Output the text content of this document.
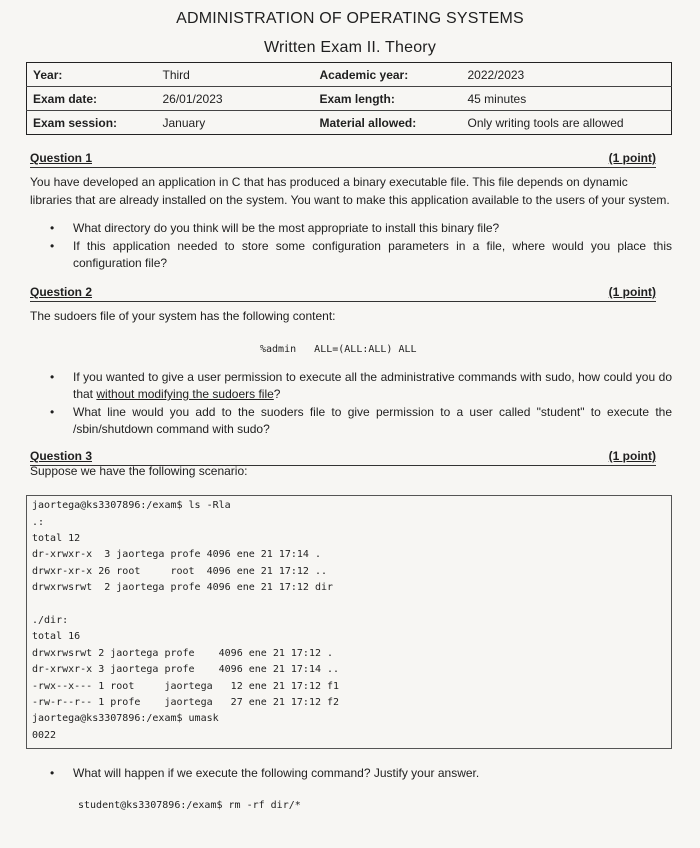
ADMINISTRATION OF OPERATING SYSTEMS
Written Exam II. Theory
Year:	Third	Academic year:	2022/2023
Exam date:	26/01/2023	Exam length:	45 minutes
Exam session:	January	Material allowed:	Only writing tools are allowed
Question 1	(1 point)
You have developed an application in C that has produced a binary executable file. This file depends on dynamic libraries that are already installed on the system. You want to make this application available to the users of your system.
• What directory do you think will be the most appropriate to install this binary file?
• If this application needed to store some configuration parameters in a file, where would you place this configuration file?
Question 2	(1 point)
The sudoers file of your system has the following content:
%admin   ALL=(ALL:ALL) ALL
• If you wanted to give a user permission to execute all the administrative commands with sudo, how could you do that without modifying the sudoers file?
• What line would you add to the suoders file to give permission to a user called "student" to execute the /sbin/shutdown command with sudo?
Question 3	(1 point)
Suppose we have the following scenario:
jaortega@ks3307896:/exam$ ls -Rla
.:
total 12
dr-xrwxr-x  3 jaortega profe 4096 ene 21 17:14 .
drwxr-xr-x 26 root     root  4096 ene 21 17:12 ..
drwxrwsrwt  2 jaortega profe 4096 ene 21 17:12 dir
./dir:
total 16
drwxrwsrwt 2 jaortega profe    4096 ene 21 17:12 .
dr-xrwxr-x 3 jaortega profe    4096 ene 21 17:14 ..
-rwx--x--- 1 root     jaortega   12 ene 21 17:12 f1
-rw-r--r-- 1 profe    jaortega   27 ene 21 17:12 f2
jaortega@ks3307896:/exam$ umask
0022
• What will happen if we execute the following command? Justify your answer.
student@ks3307896:/exam$ rm -rf dir/*
